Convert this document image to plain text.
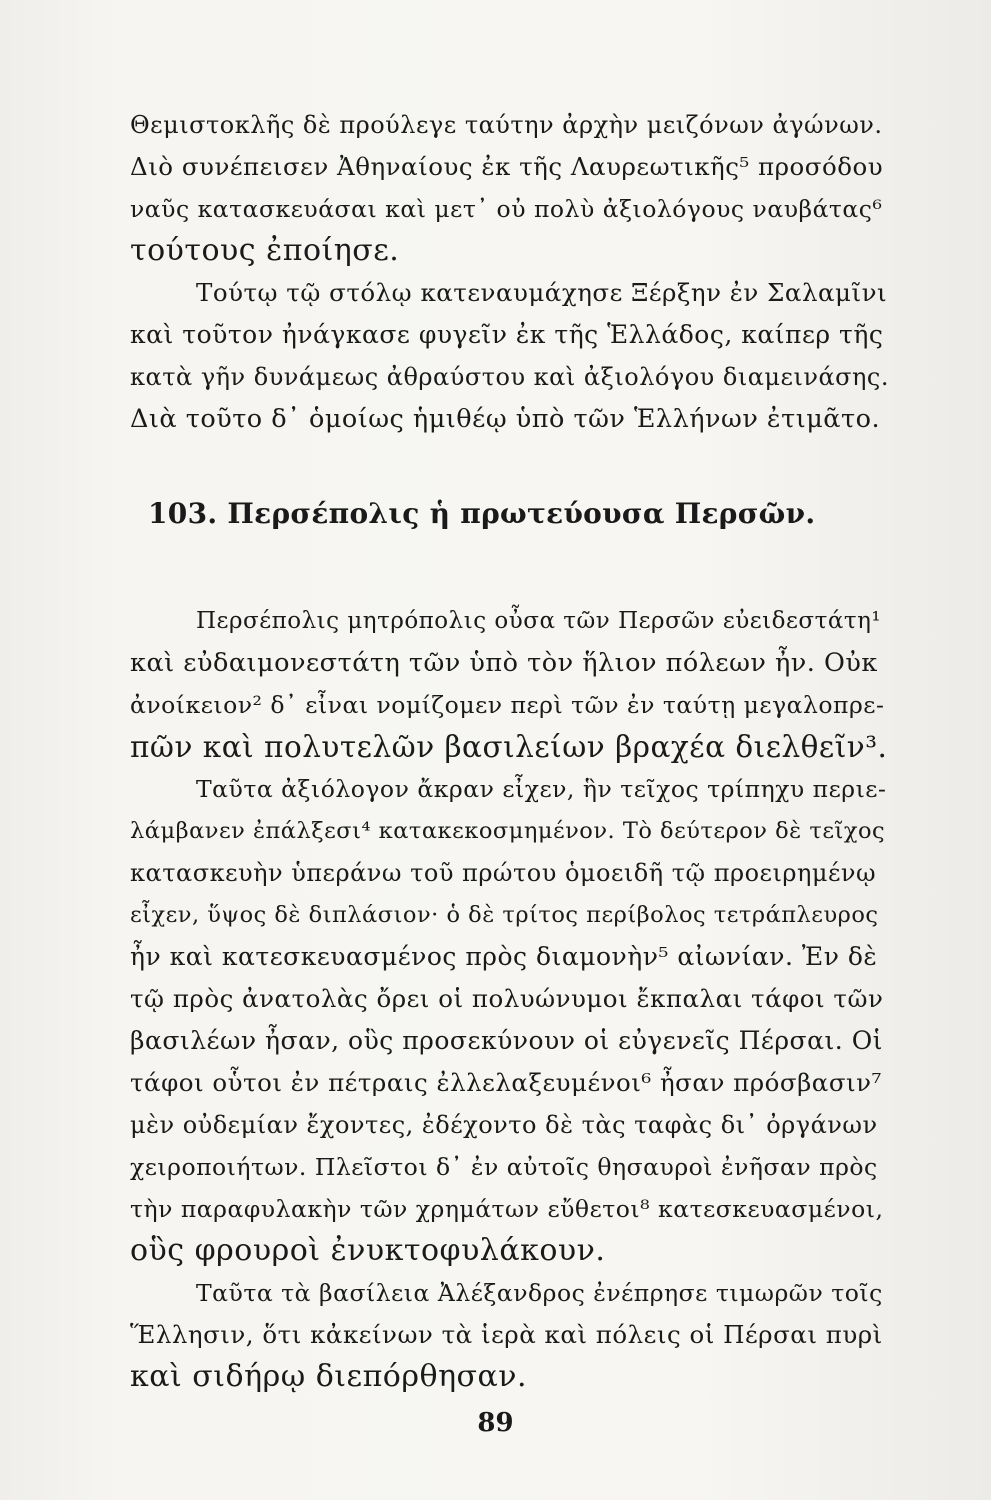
Θεμιστοκλῆς δὲ προύλεγε ταύτην ἀρχὴν μειζόνων ἀγώνων.
Διὸ συνέπεισεν Ἀθηναίους ἐκ τῆς Λαυρεωτικῆς⁵ προσόδου
ναῦς κατασκευάσαι καὶ μετ᾽ οὐ πολὺ ἀξιολόγους ναυβάτας⁶
τούτους ἐποίησε.
Τούτῳ τῷ στόλῳ κατεναυμάχησε Ξέρξην ἐν Σαλαμῖνι
καὶ τοῦτον ἠνάγκασε φυγεῖν ἐκ τῆς Ἑλλάδος, καίπερ τῆς
κατὰ γῆν δυνάμεως ἀθραύστου καὶ ἀξιολόγου διαμεινάσης.
Διὰ τοῦτο δ᾽ ὁμοίως ἡμιθέῳ ὑπὸ τῶν Ἑλλήνων ἐτιμᾶτο.
103. Περσέπολις ἡ πρωτεύουσα Περσῶν.
Περσέπολις μητρόπολις οὖσα τῶν Περσῶν εὐειδεστάτη¹
καὶ εὐδαιμονεστάτη τῶν ὑπὸ τὸν ἥλιον πόλεων ἦν. Οὐκ
ἀνοίκειον² δ᾽ εἶναι νομίζομεν περὶ τῶν ἐν ταύτῃ μεγαλοπρε-
πῶν καὶ πολυτελῶν βασιλείων βραχέα διελθεῖν³.
Ταῦτα ἀξιόλογον ἄκραν εἶχεν, ἣν τεῖχος τρίπηχυ περιε-
λάμβανεν ἐπάλξεσι⁴ κατακεκοσμημένον. Τὸ δεύτερον δὲ τεῖχος
κατασκευὴν ὑπεράνω τοῦ πρώτου ὁμοειδῆ τῷ προειρημένῳ
εἶχεν, ὕψος δὲ διπλάσιον· ὁ δὲ τρίτος περίβολος τετράπλευρος
ἦν καὶ κατεσκευασμένος πρὸς διαμονὴν⁵ αἰωνίαν. Ἐν δὲ
τῷ πρὸς ἀνατολὰς ὄρει οἱ πολυώνυμοι ἔκπαλαι τάφοι τῶν
βασιλέων ἦσαν, οὓς προσεκύνουν οἱ εὐγενεῖς Πέρσαι. Οἱ
τάφοι οὗτοι ἐν πέτραις ἐλλελαξευμένοι⁶ ἦσαν πρόσβασιν⁷
μὲν οὐδεμίαν ἔχοντες, ἐδέχοντο δὲ τὰς ταφὰς δι᾽ ὀργάνων
χειροποιήτων. Πλεῖστοι δ᾽ ἐν αὐτοῖς θησαυροὶ ἐνῆσαν πρὸς
τὴν παραφυλακὴν τῶν χρημάτων εὔθετοι⁸ κατεσκευασμένοι,
οὓς φρουροὶ ἐνυκτοφυλάκουν.
Ταῦτα τὰ βασίλεια Ἀλέξανδρος ἐνέπρησε τιμωρῶν τοῖς
Ἕλλησιν, ὅτι κἀκείνων τὰ ἱερὰ καὶ πόλεις οἱ Πέρσαι πυρὶ
καὶ σιδήρῳ διεπόρθησαν.
89
